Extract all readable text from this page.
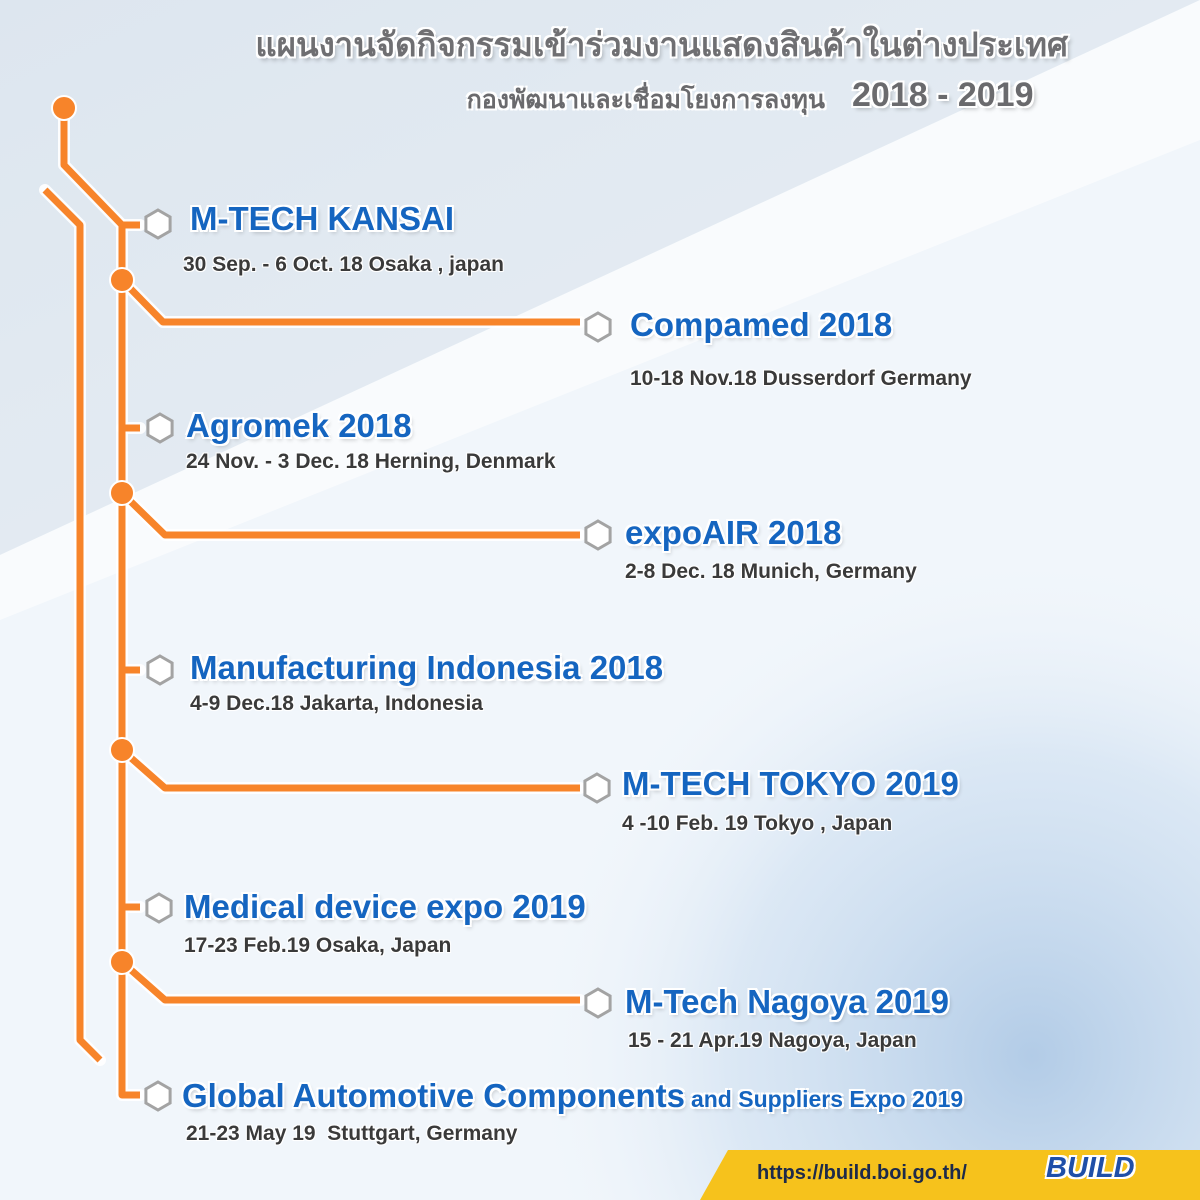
แผนงานจัดกิจกรรมเข้าร่วมงานแสดงสินค้าในต่างประเทศ
กองพัฒนาและเชื่อมโยงการลงทุน 2018 - 2019
M-TECH KANSAI
30 Sep. - 6 Oct. 18 Osaka , japan
Compamed 2018
10-18 Nov.18 Dusserdorf Germany
Agromek 2018
24 Nov. - 3 Dec. 18 Herning, Denmark
expoAIR 2018
2-8 Dec. 18 Munich, Germany
Manufacturing Indonesia 2018
4-9 Dec.18 Jakarta, Indonesia
M-TECH TOKYO 2019
4 -10 Feb. 19 Tokyo , Japan
Medical device expo 2019
17-23 Feb.19 Osaka, Japan
M-Tech Nagoya 2019
15 - 21 Apr.19 Nagoya, Japan
Global Automotive Components and Suppliers Expo 2019
21-23 May 19  Stuttgart, Germany
https://build.boi.go.th/	BUILD
